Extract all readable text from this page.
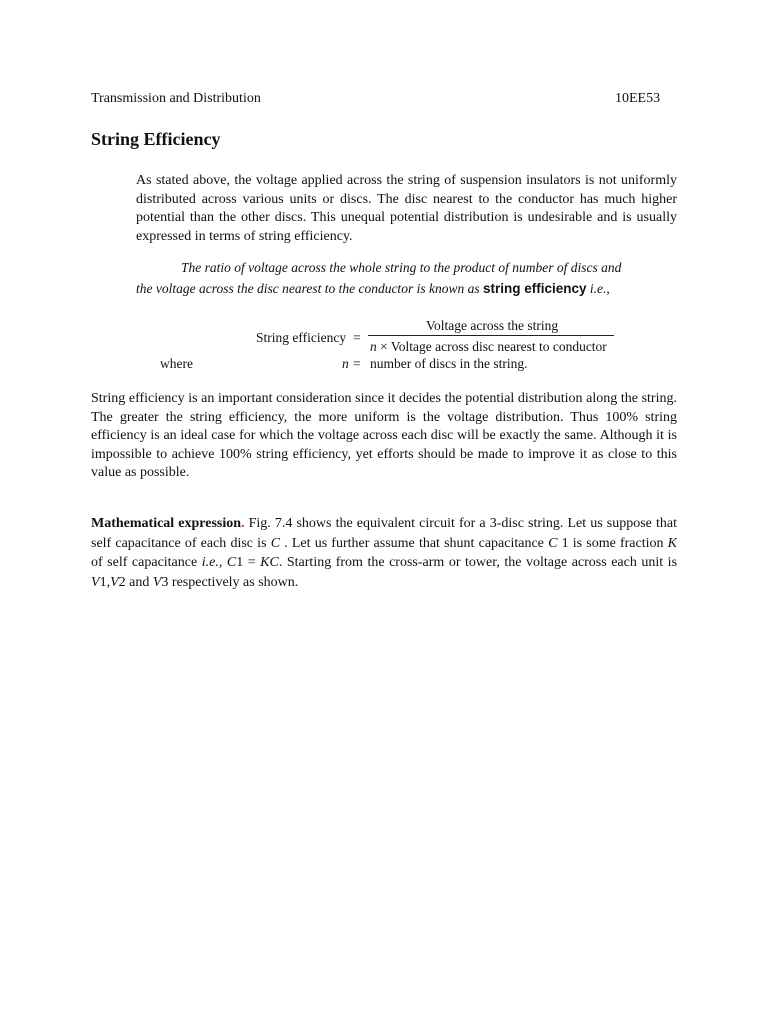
Transmission and Distribution	10EE53
String Efficiency

As stated above, the voltage applied across the string of suspension insulators is not uniformly distributed across various units or discs. The disc nearest to the conductor has much higher potential than the other discs. This unequal potential distribution is undesirable and is usually expressed in terms of string efficiency.

The ratio of voltage across the whole string to the product of number of discs and
the voltage across the disc nearest to the conductor is known as string efficiency i.e.,
String efficiency =
Voltage across the string
n × Voltage across disc nearest to conductor
where	n = number of discs in the string.

String efficiency is an important consideration since it decides the potential distribution along the string. The greater the string efficiency, the more uniform is the voltage distribution. Thus 100% string efficiency is an ideal case for which the voltage across each disc will be exactly the same. Although it is impossible to achieve 100% string efficiency, yet efforts should be made to improve it as close to this value as possible.

Mathematical expression. Fig. 7.4 shows the equivalent circuit for a 3-disc string. Let us suppose that self capacitance of each disc is C . Let us further assume that shunt capacitance C 1 is some fraction K of self capacitance i.e., C1 = KC. Starting from the cross-arm or tower, the voltage across each unit is V1,V2 and V3 respectively as shown.
